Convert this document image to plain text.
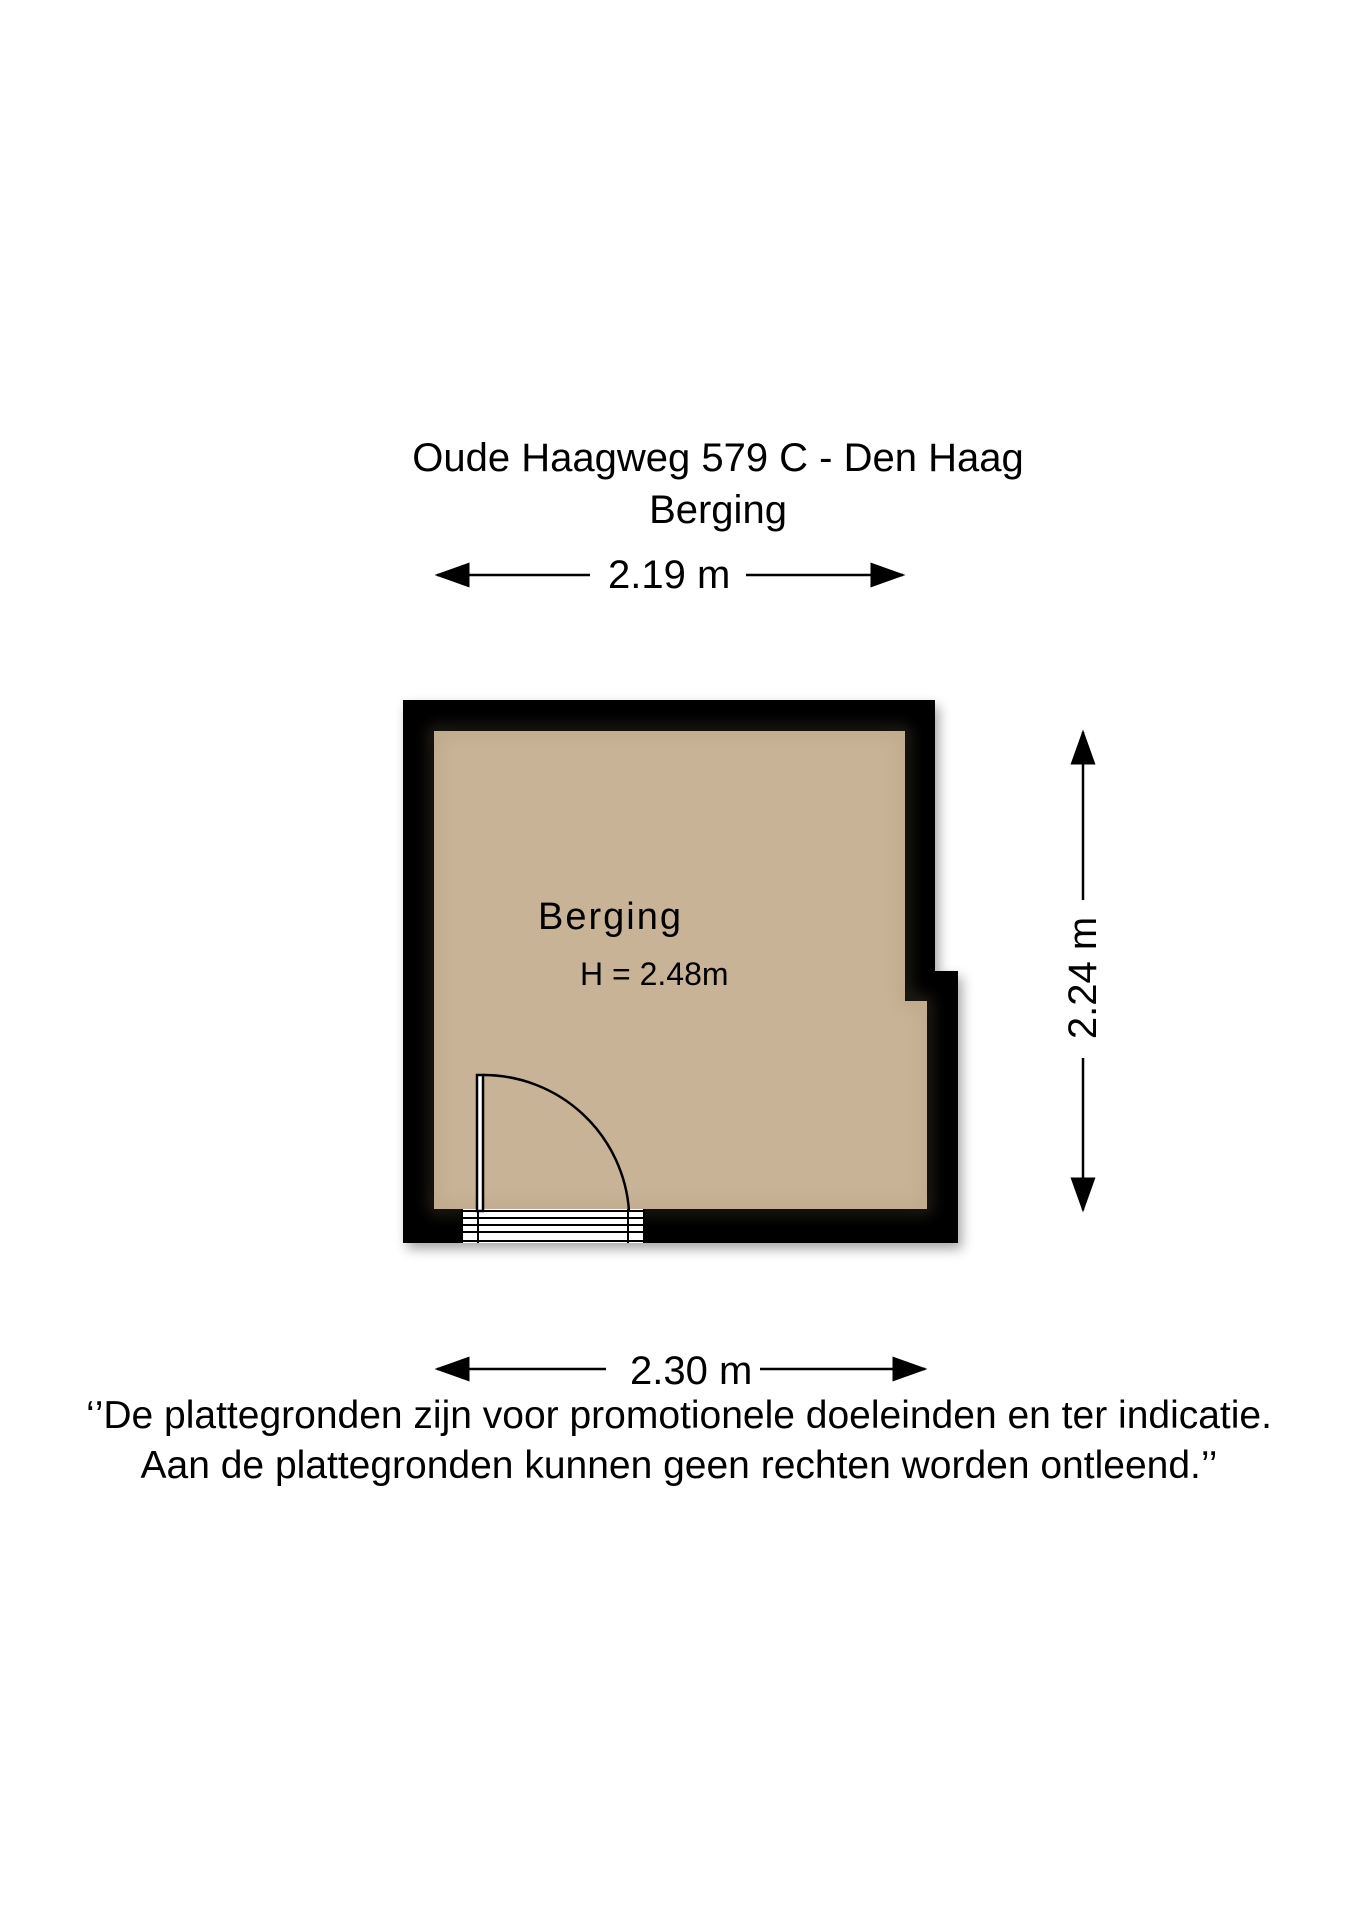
Oude Haagweg 579 C - Den Haag
Berging
2.19 m
2.24 m
2.30 m
Berging
H = 2.48m
‘’De plattegronden zijn voor promotionele doeleinden en ter indicatie.
Aan de plattegronden kunnen geen rechten worden ontleend.’’
